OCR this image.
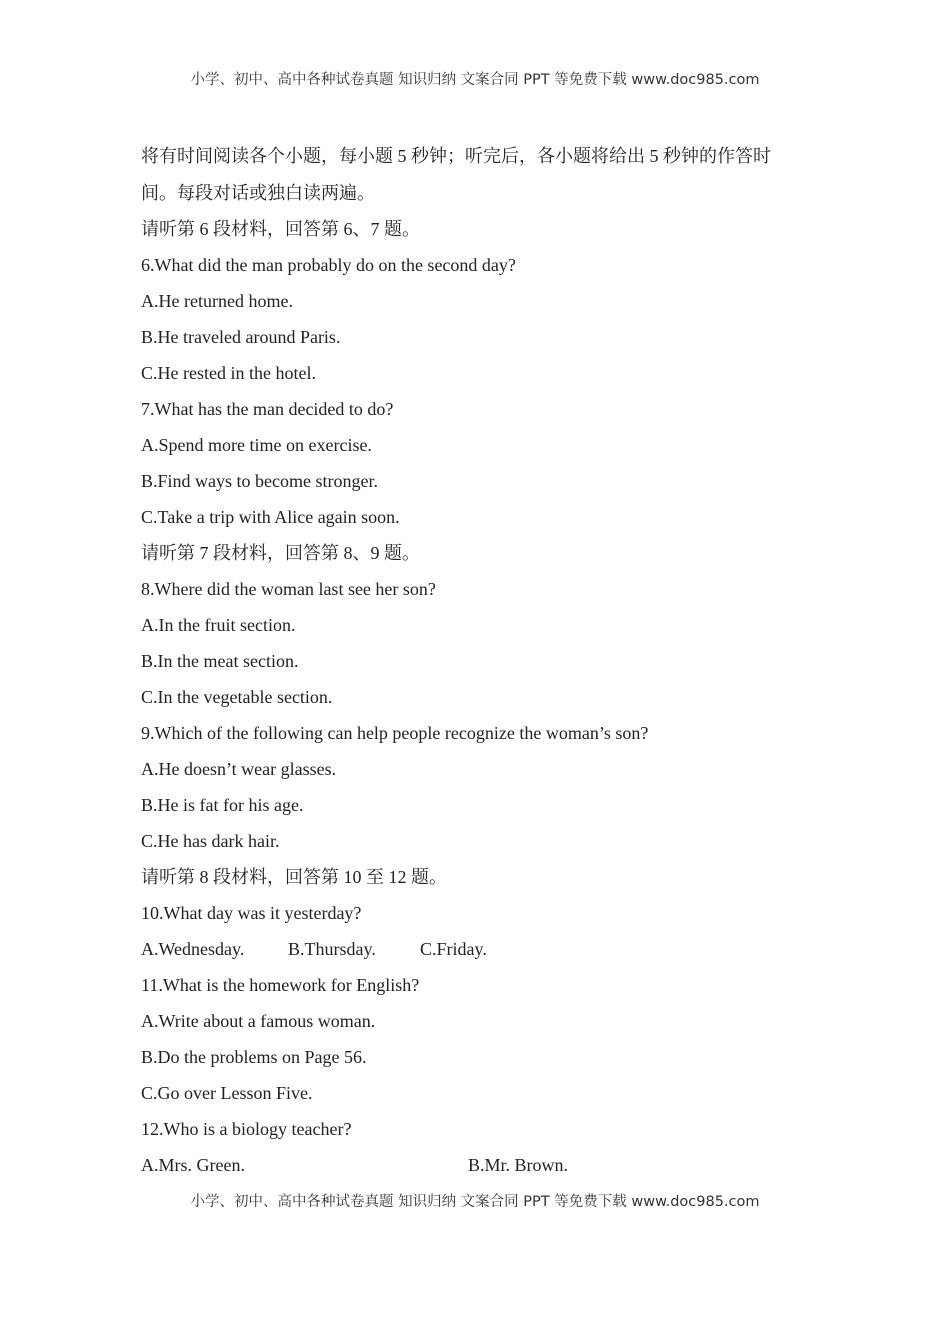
小学、初中、高中各种试卷真题 知识归纳 文案合同 PPT 等免费下载 www.doc985.com
将有时间阅读各个小题，每小题 5 秒钟；听完后，各小题将给出 5 秒钟的作答时
间。每段对话或独白读两遍。
请听第 6 段材料，回答第 6、7 题。
6.What did the man probably do on the second day?
A.He returned home.
B.He traveled around Paris.
C.He rested in the hotel.
7.What has the man decided to do?
A.Spend more time on exercise.
B.Find ways to become stronger.
C.Take a trip with Alice again soon.
请听第 7 段材料，回答第 8、9 题。
8.Where did the woman last see her son?
A.In the fruit section.
B.In the meat section.
C.In the vegetable section.
9.Which of the following can help people recognize the woman’s son?
A.He doesn’t wear glasses.
B.He is fat for his age.
C.He has dark hair.
请听第 8 段材料，回答第 10 至 12 题。
10.What day was it yesterday?
A.Wednesday. B.Thursday. C.Friday.
11.What is the homework for English?
A.Write about a famous woman.
B.Do the problems on Page 56.
C.Go over Lesson Five.
12.Who is a biology teacher?
A.Mrs. Green.	B.Mr. Brown.
小学、初中、高中各种试卷真题 知识归纳 文案合同 PPT 等免费下载 www.doc985.com
